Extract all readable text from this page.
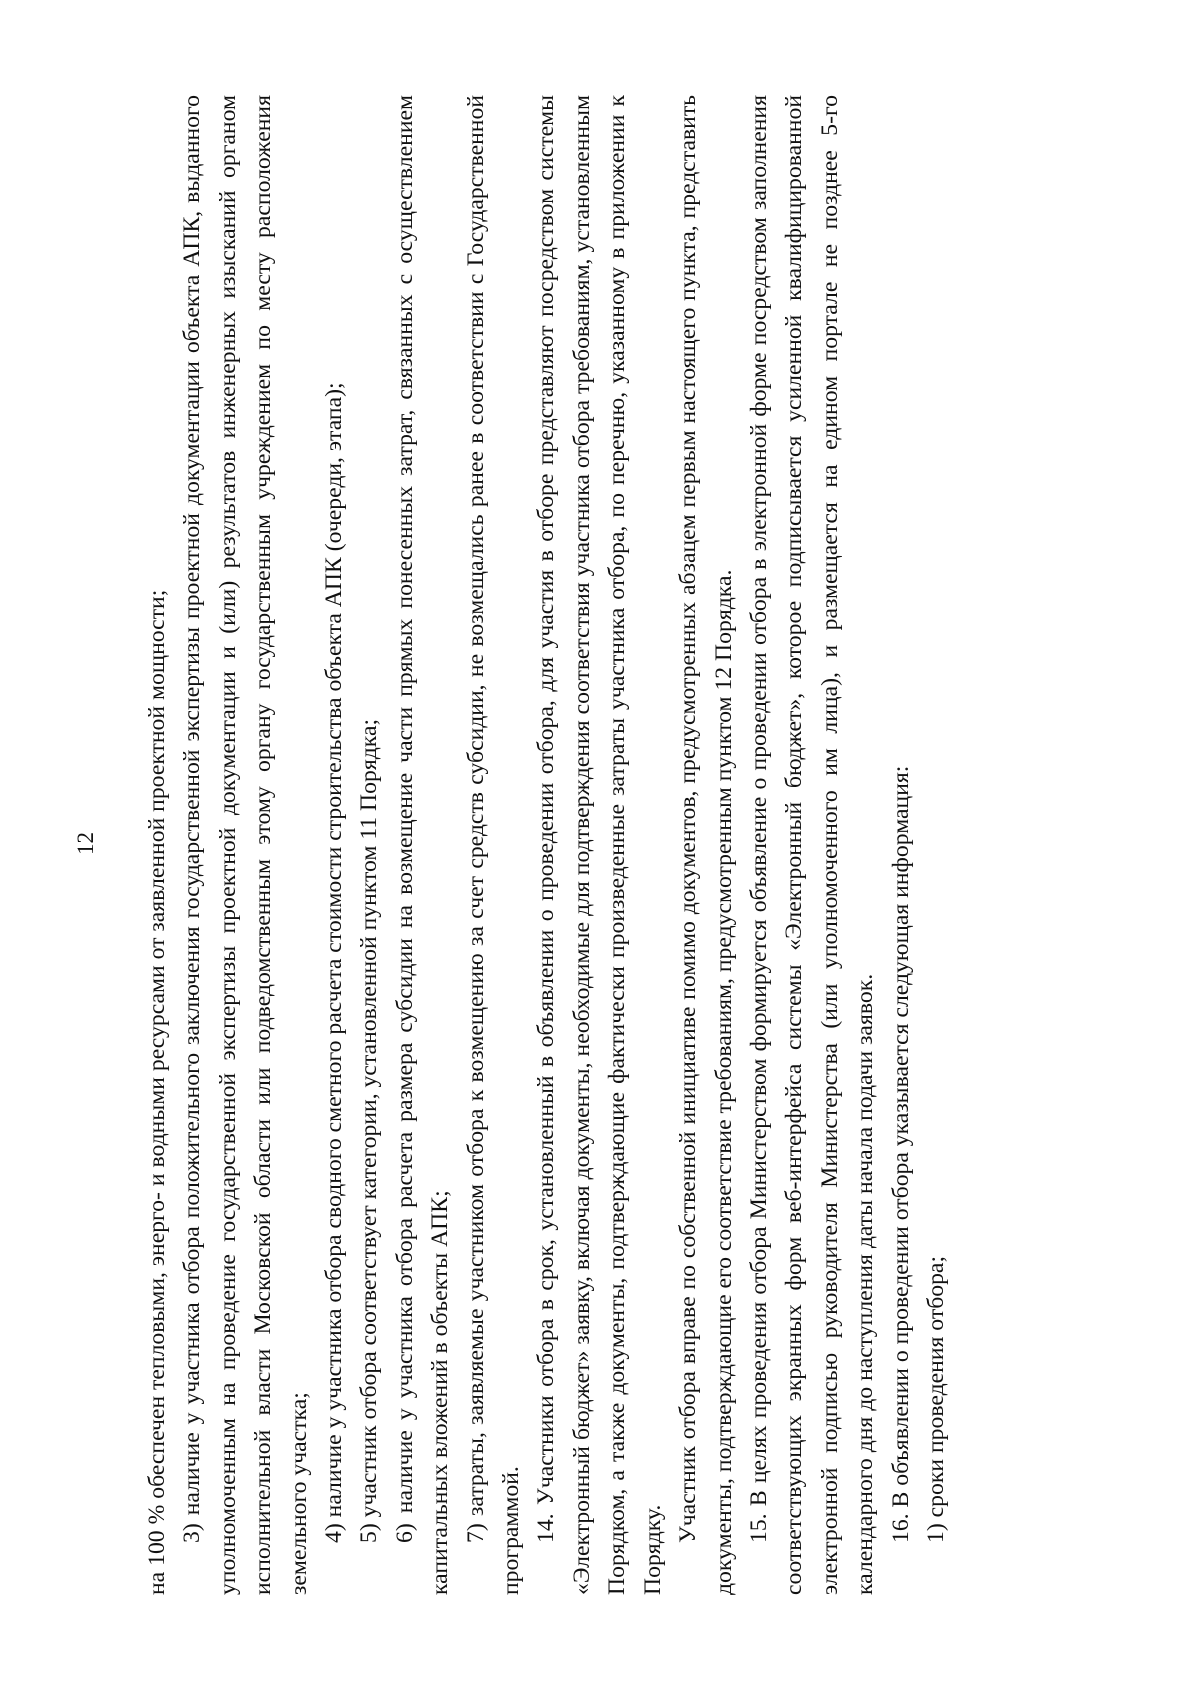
12 на 100 % обеспечен тепловыми, энерго- и водными ресурсами от заявленной проектной мощности; 3) наличие у участника отбора положительного заключения государственной экспертизы проектной документации объекта АПК, выданного уполномоченным на проведение государственной экспертизы проектной документации и (или) результатов инженерных изысканий органом исполнительной власти Московской области или подведомственным этому органу государственным учреждением по месту расположения земельного участка; 4) наличие у участника отбора сводного сметного расчета стоимости строительства объекта АПК (очереди, этапа); 5) участник отбора соответствует категории, установленной пунктом 11 Порядка; 6) наличие у участника отбора расчета размера субсидии на возмещение части прямых понесенных затрат, связанных с осуществлением капитальных вложений в объекты АПК; 7) затраты, заявляемые участником отбора к возмещению за счет средств субсидии, не возмещались ранее в соответствии с Государственной программой. 14. Участники отбора в срок, установленный в объявлении о проведении отбора, для участия в отборе представляют посредством системы «Электронный бюджет» заявку, включая документы, необходимые для подтверждения соответствия участника отбора требованиям, установленным Порядком, а также документы, подтверждающие фактически произведенные затраты участника отбора, по перечню, указанному в приложении к Порядку.

Участник отбора вправе по собственной инициативе помимо документов, предусмотренных абзацем первым настоящего пункта, представить документы, подтверждающие его соответствие требованиям, предусмотренным пунктом 12 Порядка. 15. В целях проведения отбора Министерством формируется объявление о проведении отбора в электронной форме посредством заполнения соответствующих экранных форм веб-интерфейса системы «Электронный бюджет», которое подписывается усиленной квалифицированной электронной подписью руководителя Министерства (или уполномоченного им лица), и размещается на едином портале не позднее 5-го календарного дня до наступления даты начала подачи заявок. 16. В объявлении о проведении отбора указывается следующая информация: 1) сроки проведения отбора;
